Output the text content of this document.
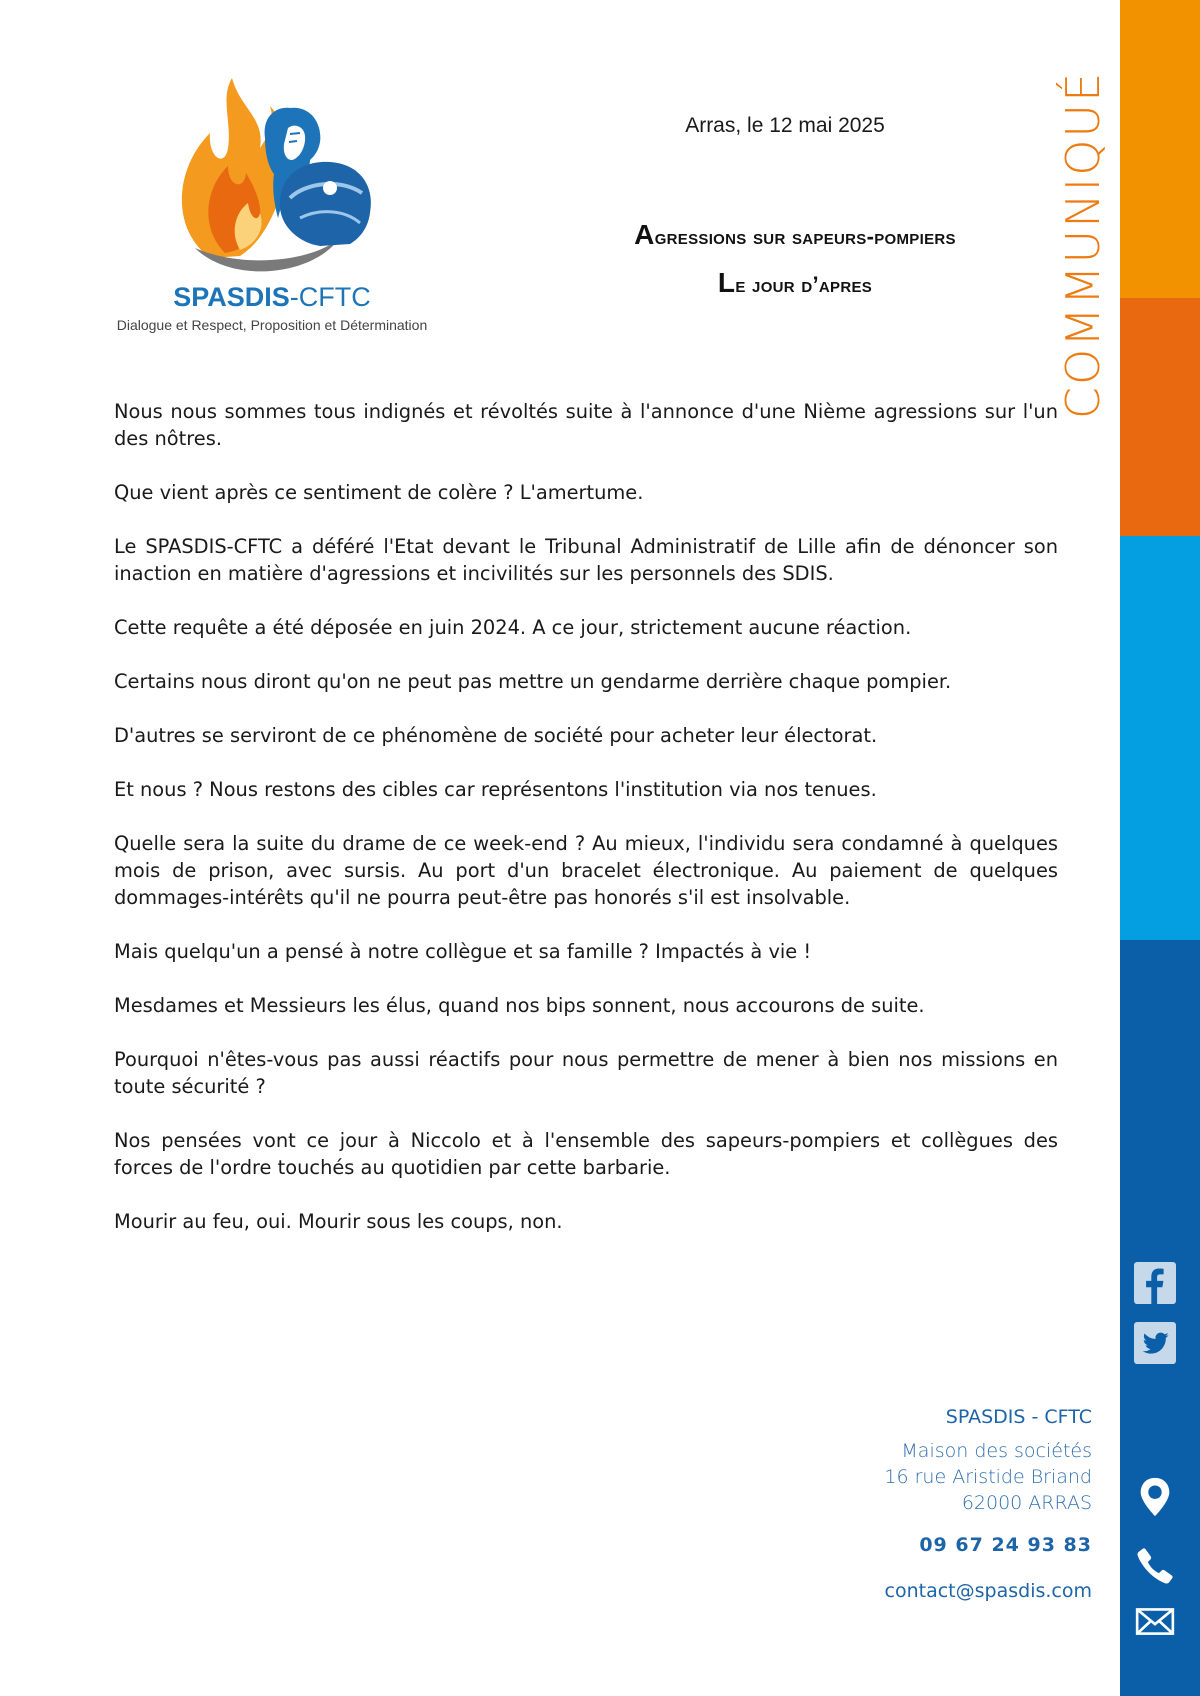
COMMUNIQUÉ
SPASDIS-CFTC
Dialogue et Respect, Proposition et Détermination
Arras, le 12 mai 2025
Agressions sur sapeurs-pompiers
Le jour d’apres

Nous nous sommes tous indignés et révoltés suite à l'annonce d'une Nième agressions sur l'un des nôtres.

Que vient après ce sentiment de colère ? L'amertume.

Le SPASDIS-CFTC a déféré l'Etat devant le Tribunal Administratif de Lille afin de dénoncer son inaction en matière d'agressions et incivilités sur les personnels des SDIS.

Cette requête a été déposée en juin 2024. A ce jour, strictement aucune réaction.

Certains nous diront qu'on ne peut pas mettre un gendarme derrière chaque pompier.

D'autres se serviront de ce phénomène de société pour acheter leur électorat.

Et nous ? Nous restons des cibles car représentons l'institution via nos tenues.

Quelle sera la suite du drame de ce week-end ? Au mieux, l'individu sera condamné à quelques mois de prison, avec sursis. Au port d'un bracelet électronique. Au paiement de quelques dommages-intérêts qu'il ne pourra peut-être pas honorés s'il est insolvable.

Mais quelqu'un a pensé à notre collègue et sa famille ? Impactés à vie !

Mesdames et Messieurs les élus, quand nos bips sonnent, nous accourons de suite.

Pourquoi n'êtes-vous pas aussi réactifs pour nous permettre de mener à bien nos missions en toute sécurité ?

Nos pensées vont ce jour à Niccolo et à l'ensemble des sapeurs-pompiers et collègues des forces de l'ordre touchés au quotidien par cette barbarie.

Mourir au feu, oui. Mourir sous les coups, non.

SPASDIS - CFTC
Maison des sociétés
16 rue Aristide Briand
62000 ARRAS
09 67 24 93 83
contact@spasdis.com
